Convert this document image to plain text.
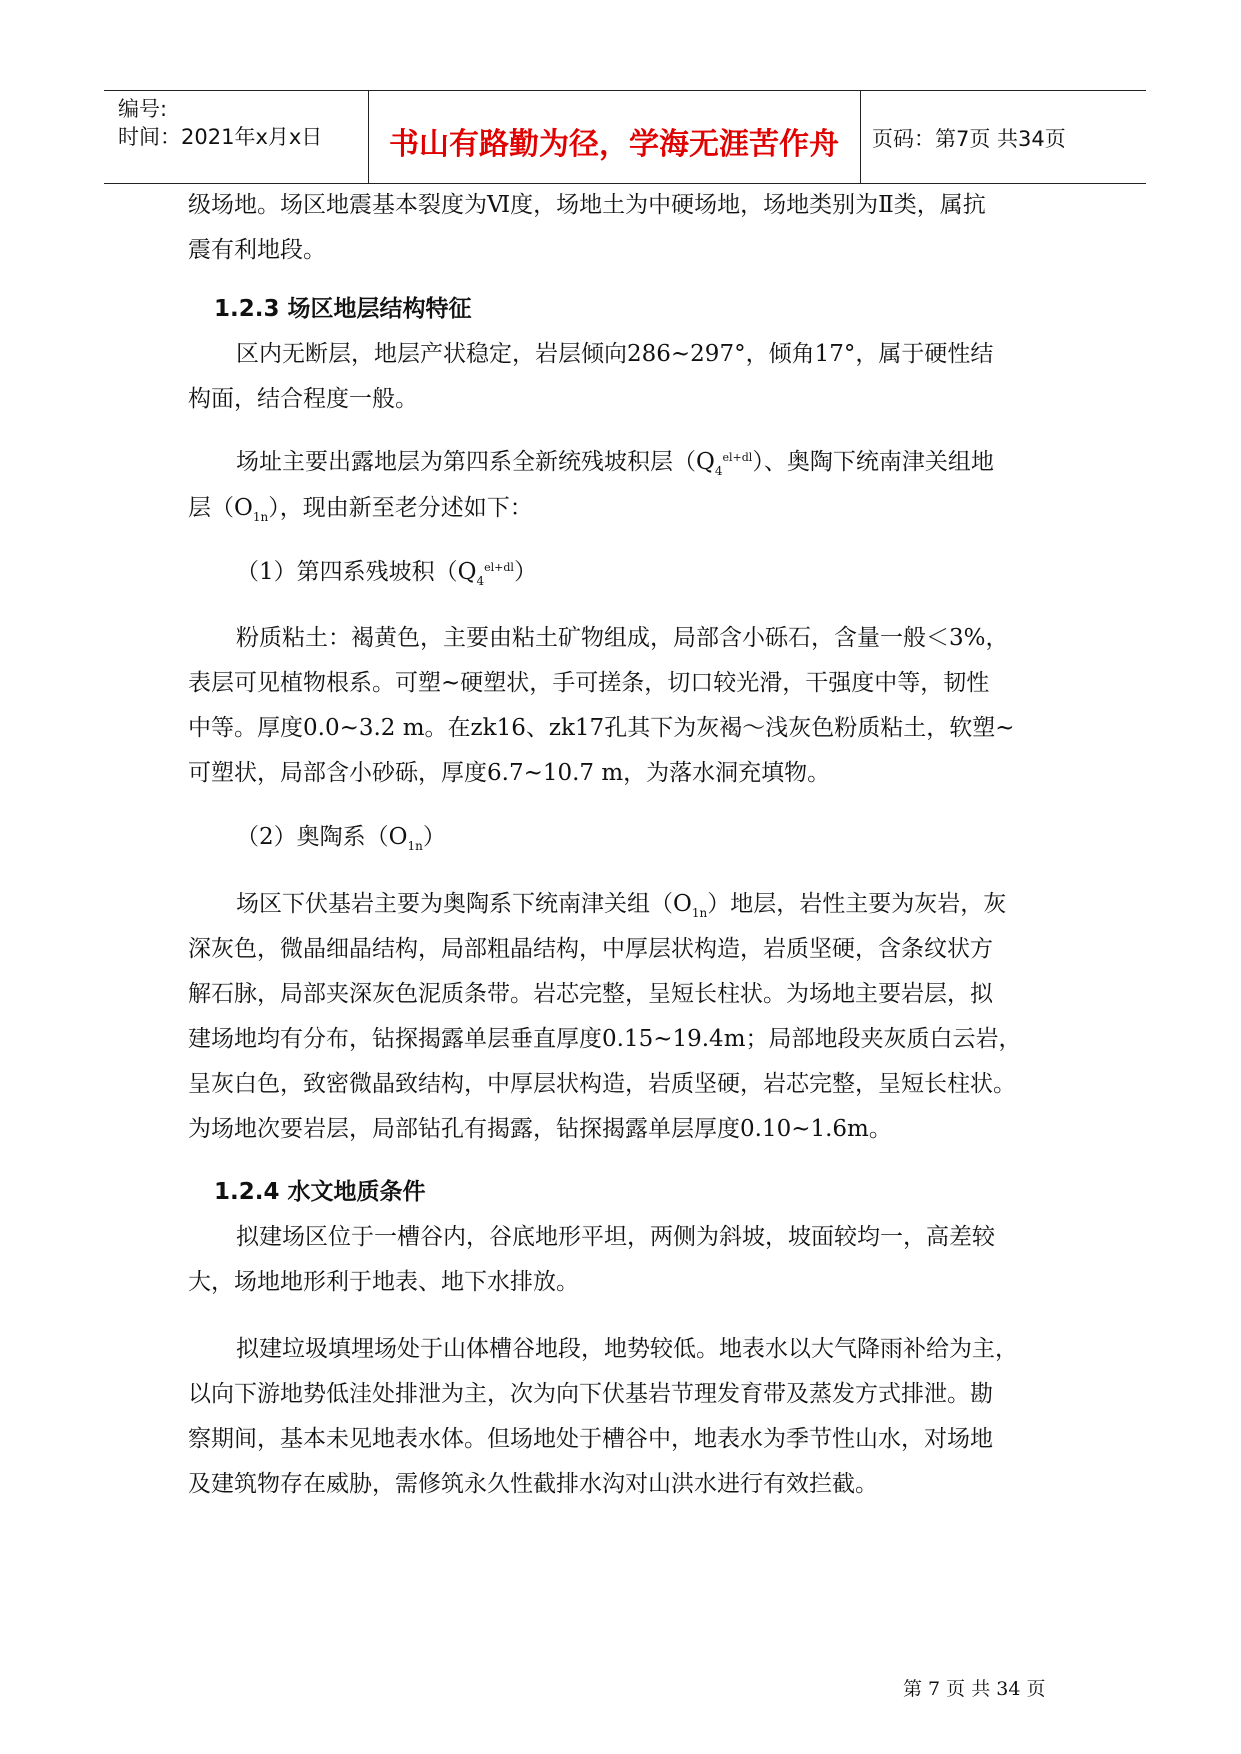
编号:
时间：2021年x月x日	书山有路勤为径，学海无涯苦作舟	页码：第7页 共34页
级场地。场区地震基本裂度为Ⅵ度，场地土为中硬场地，场地类别为Ⅱ类，属抗
震有利地段。
1.2.3 场区地层结构特征
区内无断层，地层产状稳定，岩层倾向286~297°，倾角17°，属于硬性结
构面，结合程度一般。
场址主要出露地层为第四系全新统残坡积层$(Q_4^{el+dl})$、奥陶下统南津关组地
层$(O_{1n})$，现由新至老分述如下：
（1）第四系残坡积$(Q_4^{el+dl})$
粉质粘土：褐黄色，主要由粘土矿物组成，局部含小砾石，含量一般＜3%，
表层可见植物根系。可塑~硬塑状，手可搓条，切口较光滑，干强度中等，韧性
中等。厚度0.0~3.2 m。在zk16、zk17孔其下为灰褐～浅灰色粉质粘土，软塑~
可塑状，局部含小砂砾，厚度6.7~10.7 m，为落水洞充填物。
（2）奥陶系$(O_{1n})$
场区下伏基岩主要为奥陶系下统南津关组$(O_{1n})$地层，岩性主要为灰岩，灰
深灰色，微晶细晶结构，局部粗晶结构，中厚层状构造，岩质坚硬，含条纹状方
解石脉，局部夹深灰色泥质条带。岩芯完整，呈短长柱状。为场地主要岩层，拟
建场地均有分布，钻探揭露单层垂直厚度0.15~19.4m；局部地段夹灰质白云岩，
呈灰白色，致密微晶致结构，中厚层状构造，岩质坚硬，岩芯完整，呈短长柱状。
为场地次要岩层，局部钻孔有揭露，钻探揭露单层厚度0.10~1.6m。
1.2.4 水文地质条件
拟建场区位于一槽谷内，谷底地形平坦，两侧为斜坡，坡面较均一，高差较
大，场地地形利于地表、地下水排放。
拟建垃圾填埋场处于山体槽谷地段，地势较低。地表水以大气降雨补给为主，
以向下游地势低洼处排泄为主，次为向下伏基岩节理发育带及蒸发方式排泄。勘
察期间，基本未见地表水体。但场地处于槽谷中，地表水为季节性山水，对场地
及建筑物存在威胁，需修筑永久性截排水沟对山洪水进行有效拦截。
第 7 页 共 34 页
